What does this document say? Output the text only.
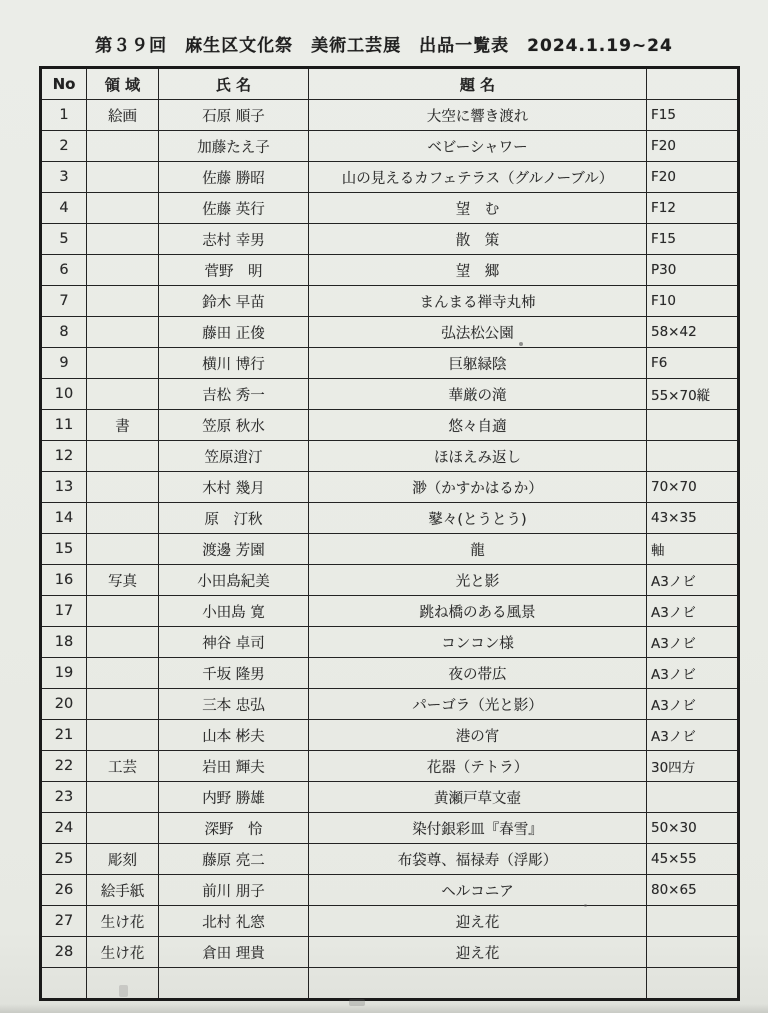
第３９回　麻生区文化祭　美術工芸展　出品一覧表　2024.1.19~24
No	領 域	氏 名	題 名	
1	絵画	石原 順子	大空に響き渡れ	F15
2		加藤たえ子	ベビーシャワー	F20
3		佐藤 勝昭	山の見えるカフェテラス（グルノーブル）	F20
4		佐藤 英行	望　む	F12
5		志村 幸男	散　策	F15
6		菅野　明	望　郷	P30
7		鈴木 早苗	まんまる禅寺丸柿	F10
8		藤田 正俊	弘法松公園	58×42
9		横川 博行	巨躯緑陰	F6
10		吉松 秀一	華厳の滝	55×70縦
11	書	笠原 秋水	悠々自適	
12		笠原逍汀	ほほえみ返し	
13		木村 幾月	渺（かすかはるか）	70×70
14		原　汀秋	鼕々(とうとう)	43×35
15		渡邊 芳園	龍	軸
16	写真	小田島紀美	光と影	A3ノビ
17		小田島 寛	跳ね橋のある風景	A3ノビ
18		神谷 卓司	コンコン様	A3ノビ
19		千坂 隆男	夜の帯広	A3ノビ
20		三本 忠弘	パーゴラ（光と影）	A3ノビ
21		山本 彬夫	港の宵	A3ノビ
22	工芸	岩田 輝夫	花器（テトラ）	30四方
23		内野 勝雄	黄瀬戸草文壺	
24		深野　怜	染付銀彩皿『春雪』	50×30
25	彫刻	藤原 亮二	布袋尊、福禄寿（浮彫）	45×55
26	絵手紙	前川 朋子	ヘルコニア	80×65
27	生け花	北村 礼窓	迎え花	
28	生け花	倉田 理貴	迎え花	
